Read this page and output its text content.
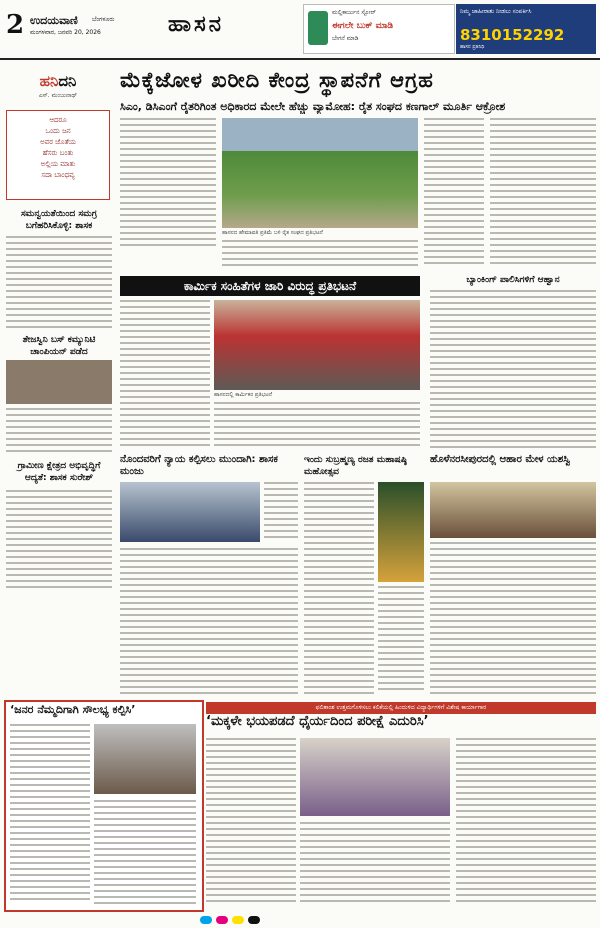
2 ಉದಯವಾಣಿ ಬೆಂಗಳೂರು
ಮಂಗಳವಾರ, ಜನವರಿ 20, 2026	ಹಾಸನ	ಮಲ್ಲಿಕಾರ್ಜುನ ಸ್ಟೋರ್
ಈಗಲೇ ಬುಕ್ ಮಾಡಿ
ಬೇಗನೆ ಮಾಡಿ
ನಿಮ್ಮ ಜಾಹೀರಾತು ನೀಡಲು ಸಂಪರ್ಕಿಸಿ
8310152292
ಹಾಸನ ಪ್ರತಿನಿಧಿ
ಹನಿದನಿ
ಎಸ್. ಮಂಜುನಾಥ್
ಆದರೂ
ಒಂದು ಜನ
ಅವರ ಜೊತೆಯ
ಹೆಸರು ಬಂತು
ಅಲ್ಲಿಯ ಮಾತು
ಸದಾ ಬಾಂಧವ್ಯ
ಮೆಕ್ಕೆಜೋಳ ಖರೀದಿ ಕೇಂದ್ರ ಸ್ಥಾಪನೆಗೆ ಆಗ್ರಹ
ಸಿಎಂ, ಡಿಸಿಎಂಗೆ ರೈತರಿಗಿಂತ ಅಧಿಕಾರದ ಮೇಲೇ ಹೆಚ್ಚು ವ್ಯಾಮೋಹ: ರೈತ ಸಂಘದ ಕಣಗಾಲ್ ಮೂರ್ತಿ ಆಕ್ರೋಶ
ಹಾಸನದ ಹೇಮಾವತಿ ಪ್ರತಿಮೆ ಬಳಿ ರೈತ ಸಂಘದ ಪ್ರತಿಭಟನೆ
ಸಮನ್ವಯತೆಯಿಂದ ಸಮಗ್ರ ಬಗೆಹರಿಸಿಕೊಳ್ಳಿ: ಶಾಸಕ
ತೇಜಸ್ವಿನಿ ಬಸ್ ಕಮ್ಯುನಿಟಿ ಚಾಂಪಿಯನ್ ಪಡೆದ
ಗ್ರಾಮೀಣ ಕ್ಷೇತ್ರದ ಅಭಿವೃದ್ಧಿಗೆ ಆದ್ಯತೆ: ಶಾಸಕ ಸುರೇಶ್
ಕಾರ್ಮಿಕ ಸಂಹಿತೆಗಳ ಜಾರಿ ವಿರುದ್ಧ ಪ್ರತಿಭಟನೆ
ಹಾಸನದಲ್ಲಿ ಕಾರ್ಮಿಕರ ಪ್ರತಿಭಟನೆ
ಬ್ಯಾಂಕಿಂಗ್ ಪಾಲಿಸಿಗಳಿಗೆ ಆಹ್ವಾನ
ನೊಂದವರಿಗೆ ನ್ಯಾಯ ಕಲ್ಪಿಸಲು ಮುಂದಾಗಿ: ಶಾಸಕ ಮಂಜು
ಇಂದು ಸುಬ್ರಹ್ಮಣ್ಯ ರಜತ ಮಹಾಷಷ್ಠಿ ಮಹೋತ್ಸವ
ಹೊಳೆನರಸೀಪುರದಲ್ಲಿ ಆಹಾರ ಮೇಳ ಯಶಸ್ವಿ
‘ಜನರ ನೆಮ್ಮದಿಗಾಗಿ ಸೌಲಭ್ಯ ಕಲ್ಪಿಸಿ’	ಫಲಿತಾಂಶ ಉತ್ತಮಗೊಳಿಸಲು ಕಲಿಕೆಯಲ್ಲಿ ಹಿಂದುಳಿದ ವಿದ್ಯಾರ್ಥಿಗಳಿಗೆ ವಿಶೇಷ ಕಾರ್ಯಾಗಾರ
‘ಮಕ್ಕಳೇ ಭಯಪಡದೆ ಧೈರ್ಯದಿಂದ ಪರೀಕ್ಷೆ ಎದುರಿಸಿ’
